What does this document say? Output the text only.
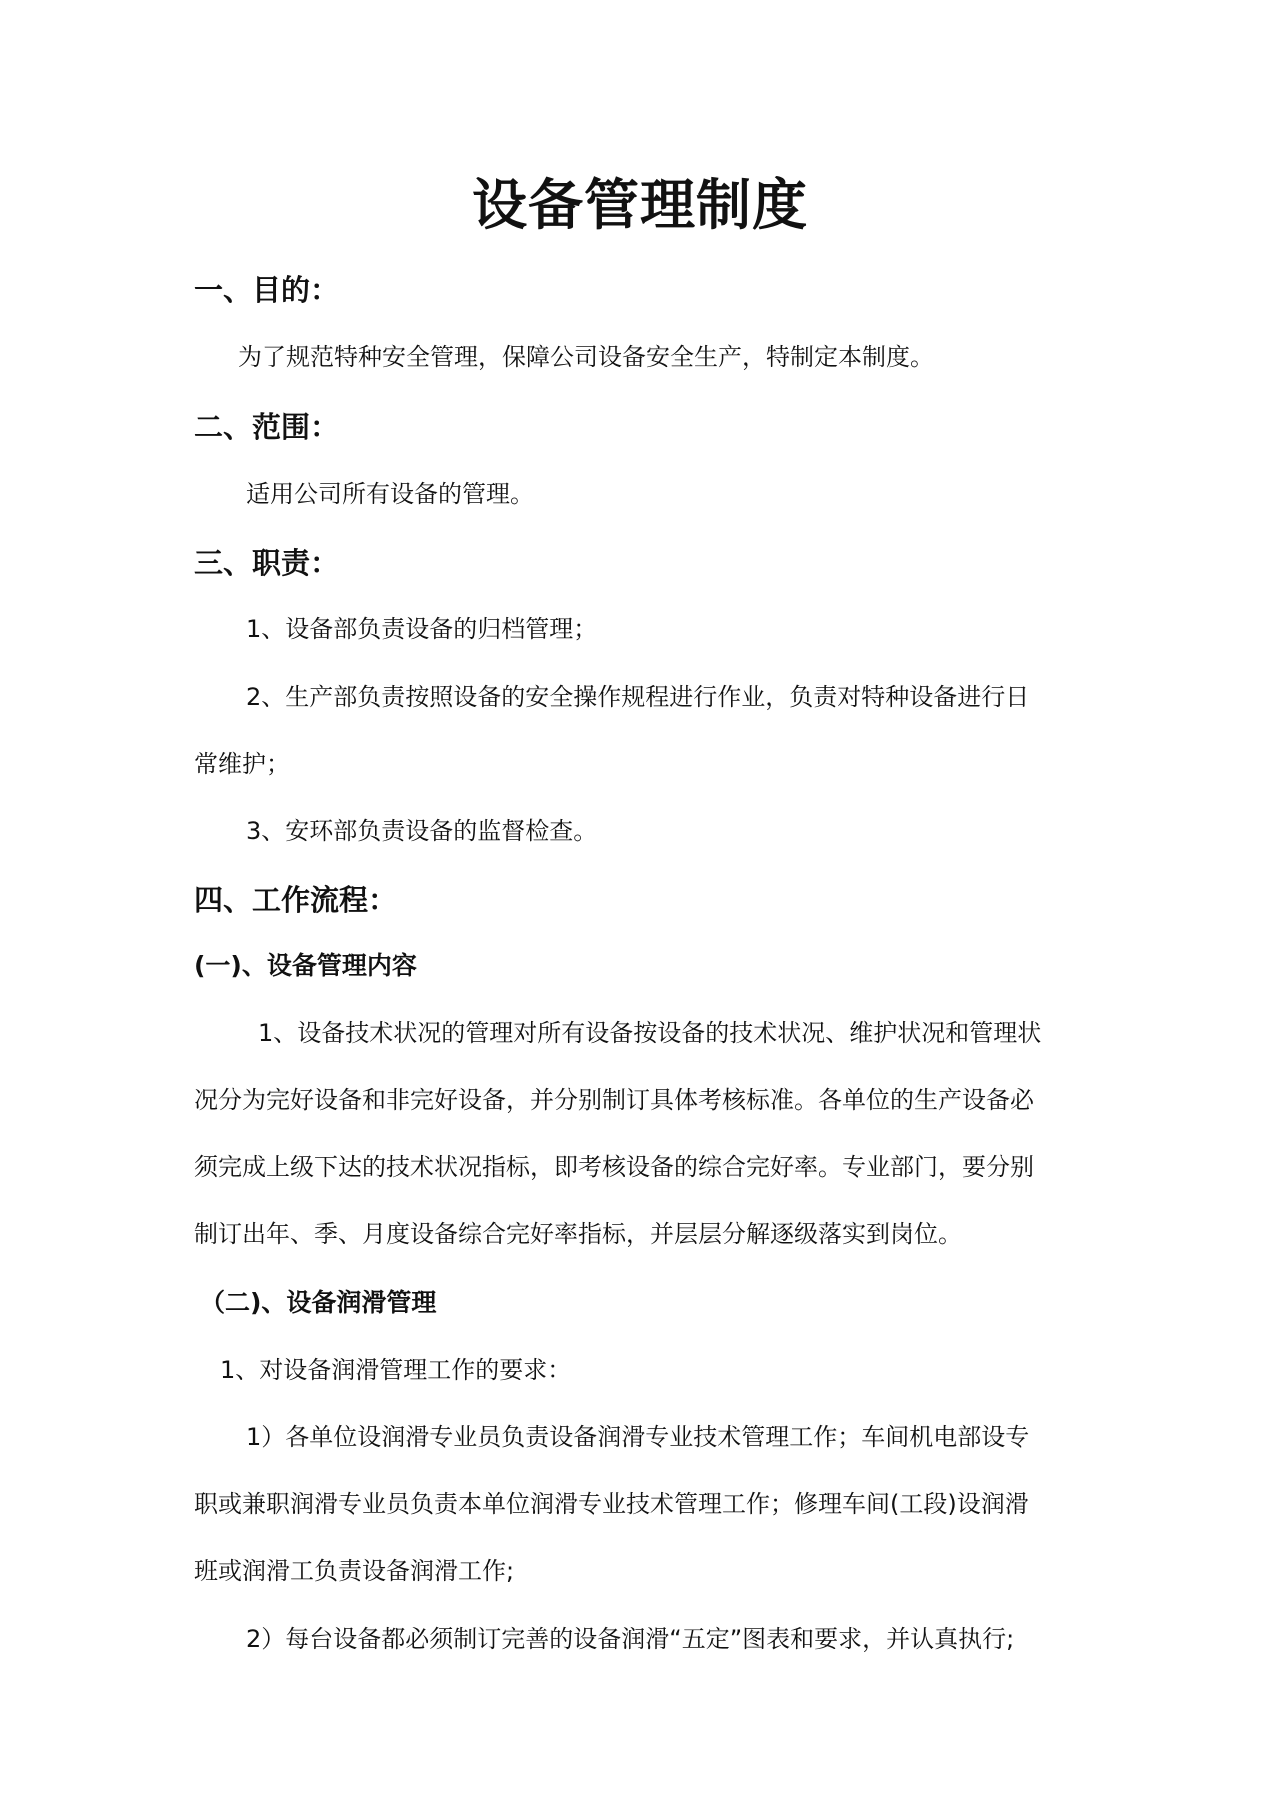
设备管理制度
一、目的：
为了规范特种安全管理，保障公司设备安全生产，特制定本制度。
二、范围：
适用公司所有设备的管理。
三、职责：
1、设备部负责设备的归档管理；
2、生产部负责按照设备的安全操作规程进行作业，负责对特种设备进行日
常维护；
3、安环部负责设备的监督检查。
四、工作流程：
(一)、设备管理内容
1、设备技术状况的管理对所有设备按设备的技术状况、维护状况和管理状
况分为完好设备和非完好设备，并分别制订具体考核标准。各单位的生产设备必
须完成上级下达的技术状况指标，即考核设备的综合完好率。专业部门，要分别
制订出年、季、月度设备综合完好率指标，并层层分解逐级落实到岗位。
（二)、设备润滑管理
1、对设备润滑管理工作的要求：
1）各单位设润滑专业员负责设备润滑专业技术管理工作；车间机电部设专
职或兼职润滑专业员负责本单位润滑专业技术管理工作；修理车间(工段)设润滑
班或润滑工负责设备润滑工作;
2）每台设备都必须制订完善的设备润滑“五定”图表和要求，并认真执行;
